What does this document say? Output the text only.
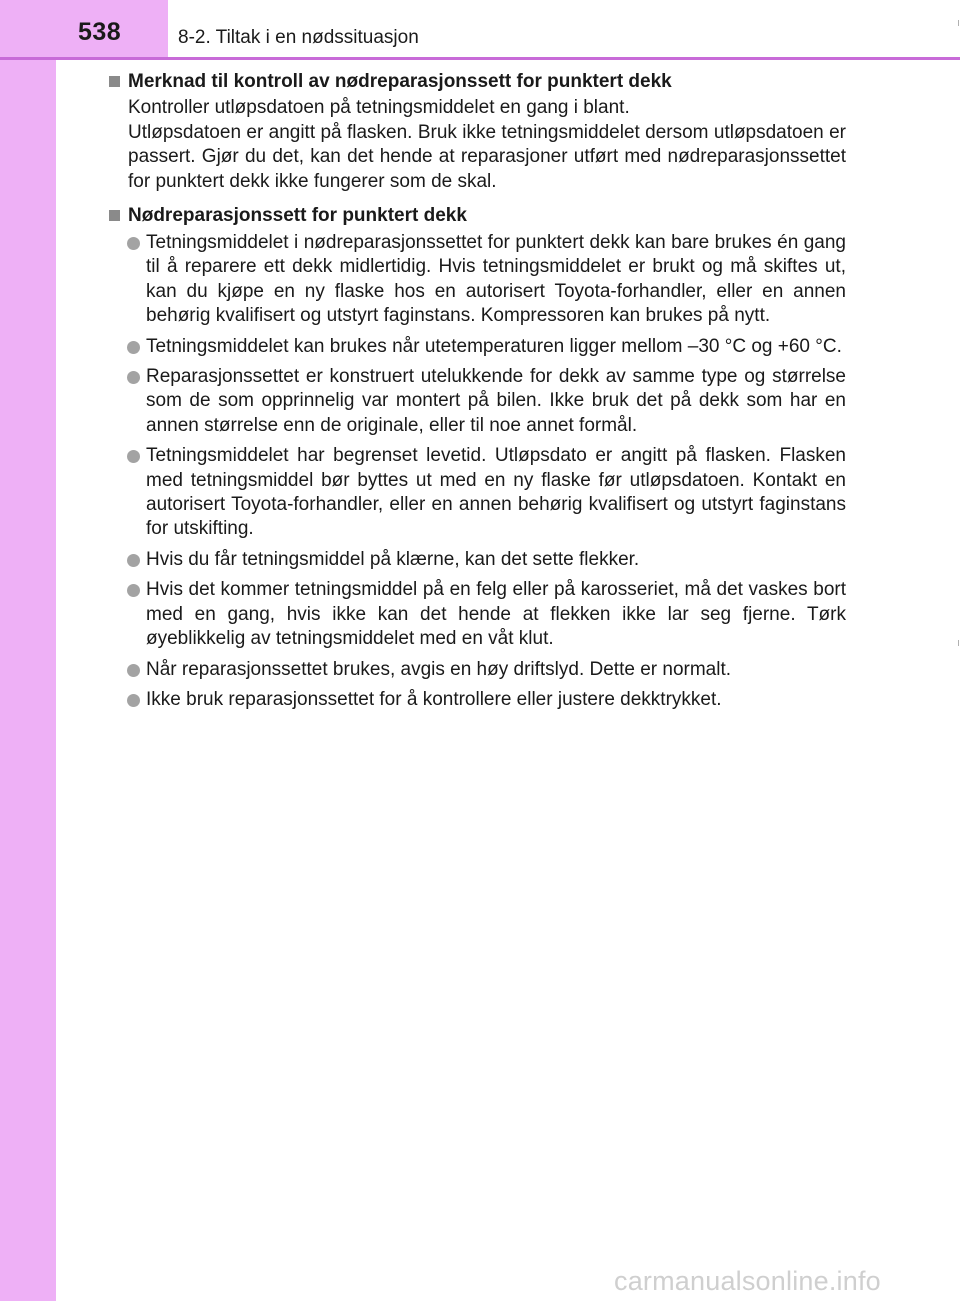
538	8-2. Tiltak i en nødssituasjon
Merknad til kontroll av nødreparasjonssett for punktert dekk

Kontroller utløpsdatoen på tetningsmiddelet en gang i blant.

Utløpsdatoen er angitt på flasken. Bruk ikke tetningsmiddelet dersom utløpsdatoen er passert. Gjør du det, kan det hende at reparasjoner utført med nødreparasjonssettet for punktert dekk ikke fungerer som de skal.

Nødreparasjonssett for punktert dekk
Tetningsmiddelet i nødreparasjonssettet for punktert dekk kan bare brukes én gang til å reparere ett dekk midlertidig. Hvis tetningsmiddelet er brukt og må skiftes ut, kan du kjøpe en ny flaske hos en autorisert Toyota-forhandler, eller en annen behørig kvalifisert og utstyrt faginstans. Kompressoren kan brukes på nytt.
Tetningsmiddelet kan brukes når utetemperaturen ligger mellom –30 °C og +60 °C.
Reparasjonssettet er konstruert utelukkende for dekk av samme type og størrelse som de som opprinnelig var montert på bilen. Ikke bruk det på dekk som har en annen størrelse enn de originale, eller til noe annet formål.
Tetningsmiddelet har begrenset levetid. Utløpsdato er angitt på flasken. Flasken med tetningsmiddel bør byttes ut med en ny flaske før utløpsdatoen. Kontakt en autorisert Toyota-forhandler, eller en annen behørig kvalifisert og utstyrt faginstans for utskifting.
Hvis du får tetningsmiddel på klærne, kan det sette flekker.
Hvis det kommer tetningsmiddel på en felg eller på karosseriet, må det vaskes bort med en gang, hvis ikke kan det hende at flekken ikke lar seg fjerne. Tørk øyeblikkelig av tetningsmiddelet med en våt klut.
Når reparasjonssettet brukes, avgis en høy driftslyd. Dette er normalt.
Ikke bruk reparasjonssettet for å kontrollere eller justere dekktrykket.
carmanualsonline.info
